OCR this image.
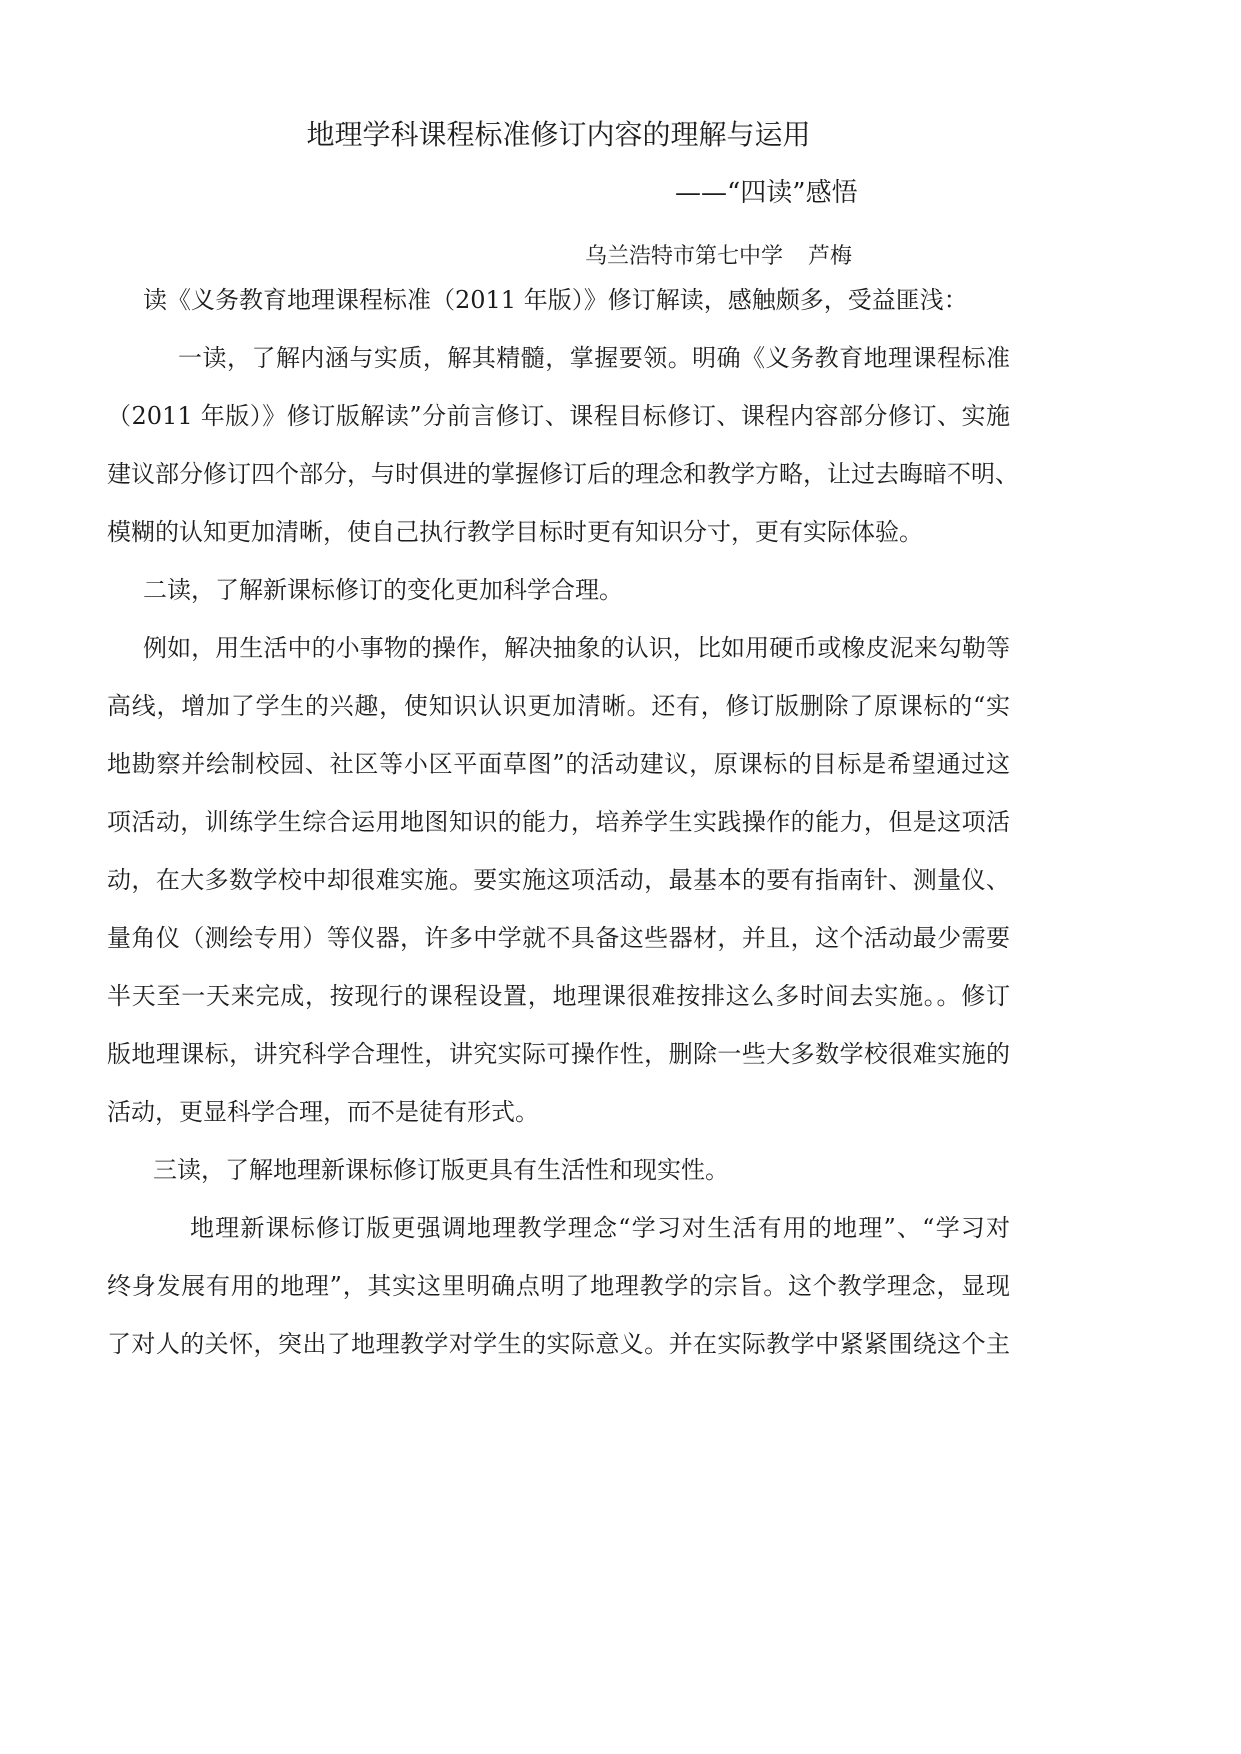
地理学科课程标准修订内容的理解与运用
——“四读”感悟
乌兰浩特市第七中学 芦梅
读《义务教育地理课程标准（2011 年版）》修订解读，感触颇多，受益匪浅：
一读，了解内涵与实质，解其精髓，掌握要领。明确《义务教育地理课程标准
（2011 年版）》修订版解读”分前言修订、课程目标修订、课程内容部分修订、实施
建议部分修订四个部分，与时俱进的掌握修订后的理念和教学方略，让过去晦暗不明、
模糊的认知更加清晰，使自己执行教学目标时更有知识分寸，更有实际体验。
二读，了解新课标修订的变化更加科学合理。
例如，用生活中的小事物的操作，解决抽象的认识，比如用硬币或橡皮泥来勾勒等
高线，增加了学生的兴趣，使知识认识更加清晰。还有，修订版删除了原课标的“实
地勘察并绘制校园、社区等小区平面草图”的活动建议，原课标的目标是希望通过这
项活动，训练学生综合运用地图知识的能力，培养学生实践操作的能力，但是这项活
动，在大多数学校中却很难实施。要实施这项活动，最基本的要有指南针、测量仪、
量角仪（测绘专用）等仪器，许多中学就不具备这些器材，并且，这个活动最少需要
半天至一天来完成，按现行的课程设置，地理课很难按排这么多时间去实施。。修订
版地理课标，讲究科学合理性，讲究实际可操作性，删除一些大多数学校很难实施的
活动，更显科学合理，而不是徒有形式。
三读，了解地理新课标修订版更具有生活性和现实性。
地理新课标修订版更强调地理教学理念“学习对生活有用的地理”、“学习对
终身发展有用的地理”，其实这里明确点明了地理教学的宗旨。这个教学理念，显现
了对人的关怀，突出了地理教学对学生的实际意义。并在实际教学中紧紧围绕这个主
